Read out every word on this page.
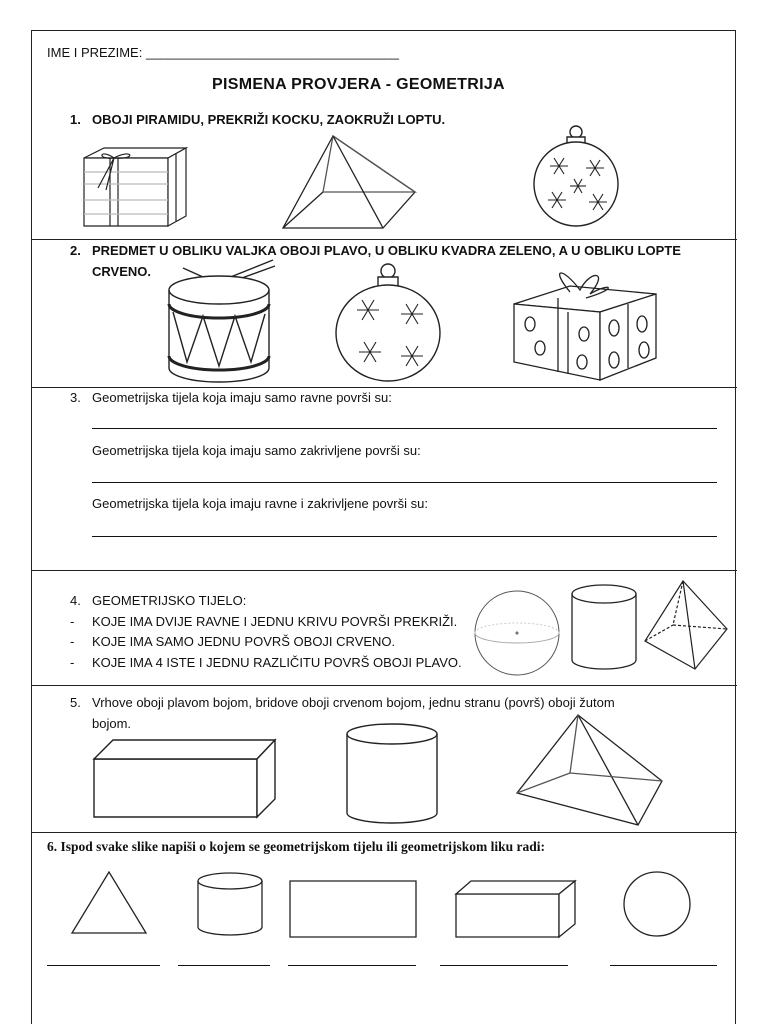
IME I PREZIME: ___________________________________
PISMENA PROVJERA - GEOMETRIJA
1. OBOJI PIRAMIDU, PREKRIŽI KOCKU, ZAOKRUŽI LOPTU.
2. PREDMET U OBLIKU VALJKA OBOJI PLAVO, U OBLIKU KVADRA ZELENO, A U OBLIKU LOPTE
CRVENO.
3. Geometrijska tijela koja imaju samo ravne površi su:
Geometrijska tijela koja imaju samo zakrivljene površi su:
Geometrijska tijela koja imaju ravne i zakrivljene površi su:
4. GEOMETRIJSKO TIJELO:
- KOJE IMA DVIJE RAVNE I JEDNU KRIVU POVRŠI PREKRIŽI.
- KOJE IMA SAMO JEDNU POVRŠ OBOJI CRVENO.
- KOJE IMA 4 ISTE I JEDNU RAZLIČITU POVRŠ OBOJI PLAVO.
5. Vrhove oboji plavom bojom, bridove oboji crvenom bojom, jednu stranu (površ) oboji žutom
bojom.
6. Ispod svake slike napiši o kojem se geometrijskom tijelu ili geometrijskom liku radi:
